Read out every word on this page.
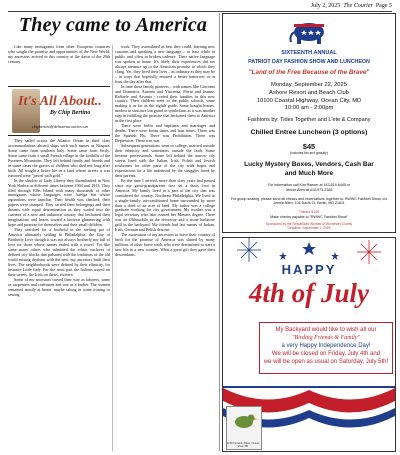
July 2, 2025 The Courier Page 5
They came to America

Like many immigrants from other European countries who sought the promise and opportunities of the New World, my ancestors arrived in this country at the dawn of the 20th century.

It's All About..
By Chip Bertino
chipbertino@delmarvacourier.com

They sailed across the Atlantic Ocean in third class accommodations aboard ships with such names as Niagara. Some came from southern Italy. Some came from Sicily. Some came from a small French village in the foothills of the Pyrenees Mountains. They left behind family and friends and in some cases the graves of children who died not long after birth. All sought a better life in a land whose streets it was rumored were "paved with gold."

In the shadow of Lady Liberty they disembarked in New York Harbor at different times between 1904 and 1913. They filed through Ellis Island with many thousands of other immigrants whose languages were foreign but whose aspirations were familiar. Their health was checked; their papers were stamped. They carried their belongings and their dreams with equal determination as they waded into the currents of a new and unknown country that beckoned their imaginations and hearts toward a horizon glimmering with hope and promise for themselves and their small children.

They searched for a foothold in the melting pot of America ultimately settling in Philadelphia, the City of Brotherly Love though it was not always brotherly nor full of love for those whose names ended with a vowel. Yet like some many others who inhabited the ethnic enclaves of defined city blocks that pulsated with the traditions of the old world mixing rhythms with the new, my ancestors built their lives. The neighborhoods were defined by their ethnicity, for instance Little Italy. For the most part the Italians stayed on their streets, the Irish on theirs, etcetera.

Some of my ancestors carved their way as laborers, some as carpenters and craftsmen and one as a barber. The women remained mostly at home, maybe taking in some ironing or sewing

work. They assimilated as best they could, learning new customs and speaking a new language – at least while in public and often in broken cadence. Their native language was spoken at home. It's likely their experiences did not always measure up to the American promise to which they clung. Yet, they lived their lives – as ordinary as they may be – in ways that hopefully ensured a better tomorrow or at least the day after that.

In time these family pioneers – with names like Giacomo and Dominica, Antonio and Vincenza, Pierre and Jeanne, Raffaele and Assunta - rooted their families in this new country. Their children went to the public schools, some making it as far as the eighth grade. Some bought homes, modest in structure but grand in symbolism as it was another step in fulfilling the promise that beckoned them to America in the first place.

There were births and baptisms and marriages and deaths. There were boom times and bust times. There was the Spanish Flu. There was Prohibition. There was Depression. There was war.

Subsequent generations went to college, married outside their ethnicity and sometimes outside the faith. Some became professionals. Some left behind the narrow city streets lined with the Italian, Irish, Polish and Jewish rowhomes for other parts of the city with hopes and expectations for a life unfettered by the struggles faced by their parents.

By the time I arrived, more than sixty years had passed since my great-grandparents first set a dusty foot in America. My family lived in a part of the city that was considered the country, Northeast Philadelphia. We lived in a single-family, air-conditioned home surrounded by more than a third of an acre of land. My father was a college graduate working for city government. My mother was a legal secretary who later earned her Masters degree. There was an Oldsmobile in the driveway and a stone barbecue grill in the backyard. My friends had last names of Italian, Irish, German and Polish descent.

The motivation of my ancestors to leave their country of birth for the promise of America was shared by many millions of other brave souls who were determined to start a new life in a new country. What a great gift they gave their descendants.

SIXTEENTH ANNUAL
PATRIOT DAY FASHION SHOW AND LUNCHEON
"Land of the Free Because of the Brave"
Monday, September 22, 2025
Ashore Resort and Beach Club
10100 Coastal Highway, Ocean City, MD
10:00 am - 2:00pm
Fashions by: Tides Together and L'ete & Company
Chilled Entree Luncheon (3 options)
$45
(includes tax and gratuity)
Lucky Mystery Boxes, Vendors, Cash Bar
and Much More
For information call Kim Ranner at 443-614-6445 or
Jennie Allen at 410-973-2385
For group seating, please send all checks and reservations together to: RWWC Fashion Show, c/o Jennie Allen, 104 Davis Ct, Berlin, MD 21811
Tickets $145
Make checks payable to "RWWC Fashion Show"
Sponsored by the Republican Women of Worcester County
Deadline: September 1, 2025
HAPPY
4th of July
My Backyard would like to wish all our
"Birding Friends & Family"
a very Happy Independence Day!
We will be closed on Friday, July 4th and
we will be open as usual on Saturday, July 5th!
4259 Fenwick Place, Ocean View, DE
